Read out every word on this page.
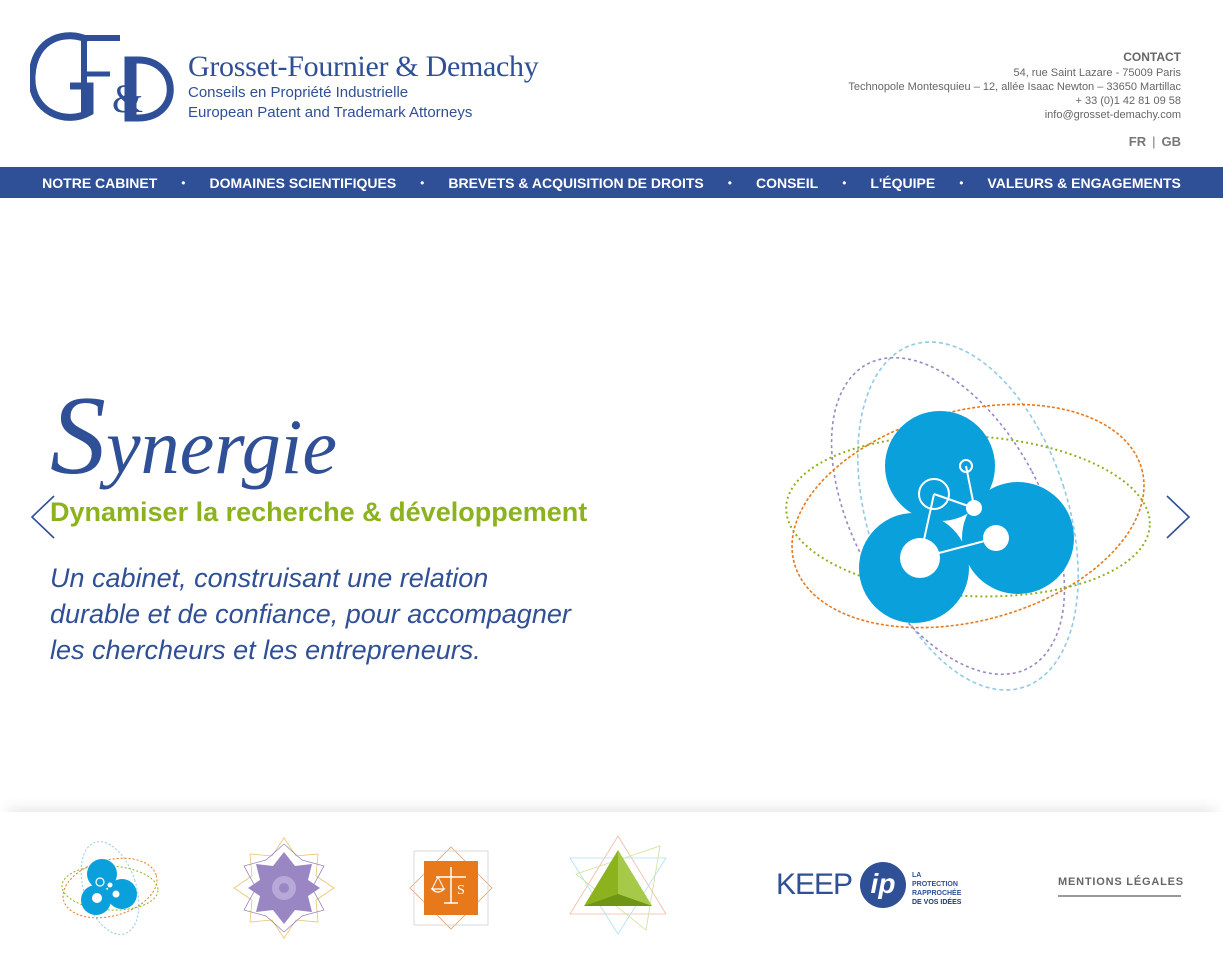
&
Grosset-Fournier & Demachy
Conseils en Propriété Industrielle
European Patent and Trademark Attorneys
CONTACT
54, rue Saint Lazare - 75009 Paris
Technopole Montesquieu – 12, allée Isaac Newton – 33650 Martillac
+ 33 (0)1 42 81 09 58
info@grosset-demachy.com
FR | GB
NOTRE CABINET • DOMAINES SCIENTIFIQUES • BREVETS & ACQUISITION DE DROITS • CONSEIL • L'ÉQUIPE • VALEURS & ENGAGEMENTS
Synergie
Dynamiser la recherche & développement
Un cabinet, construisant une relation
durable et de confiance, pour accompagner
les chercheurs et les entrepreneurs.
S	KEEP ip	LA PROTECTION
RAPPROCHÉE
DE VOS IDÉES
MENTIONS LÉGALES
